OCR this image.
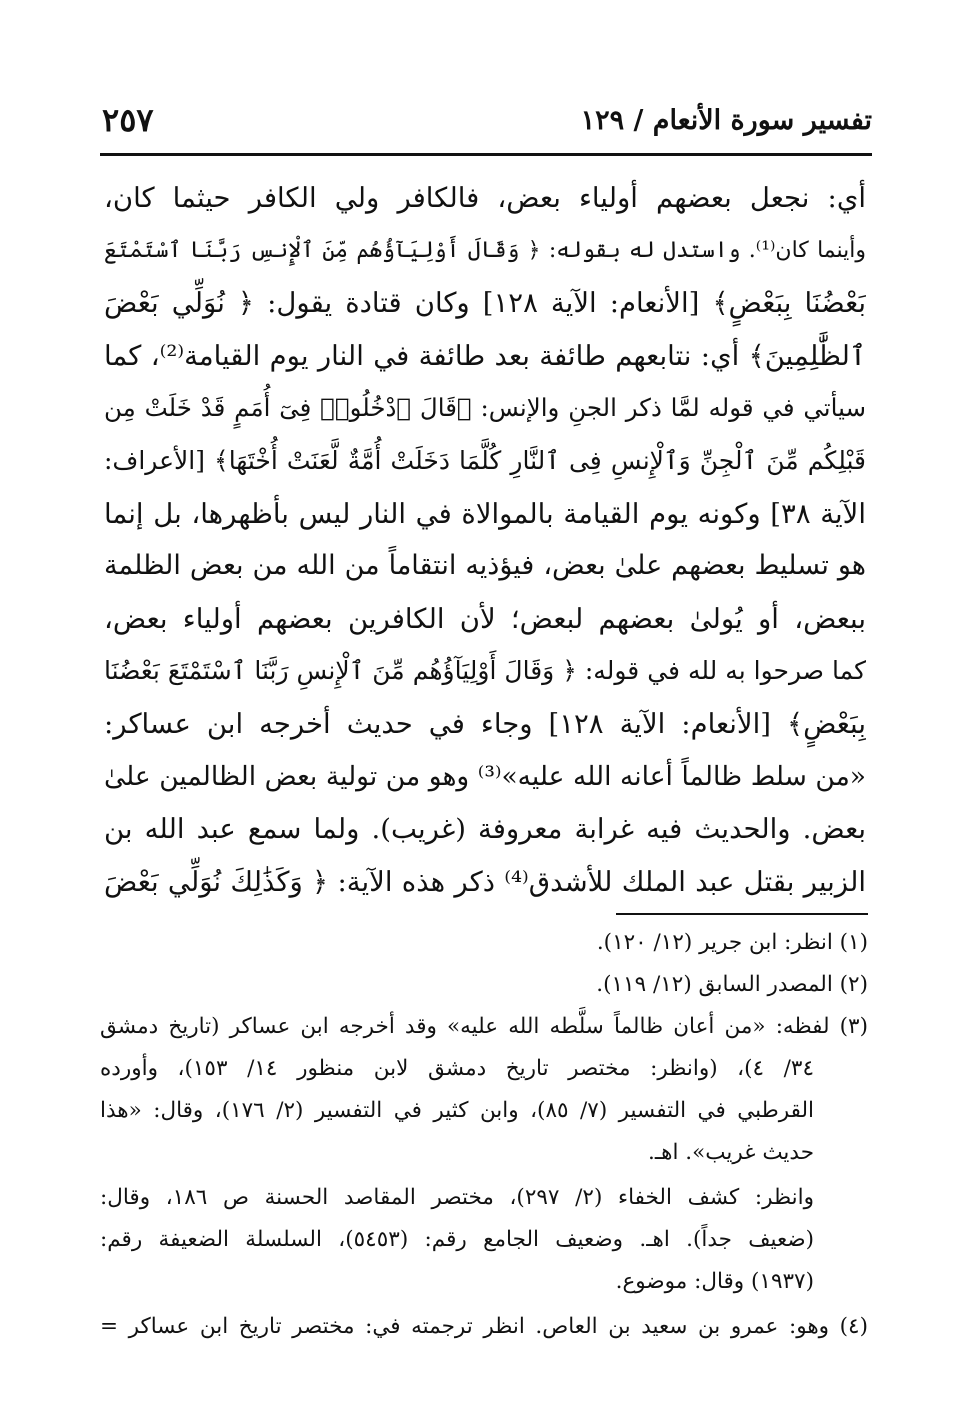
تفسير سورة الأنعام / ١٢٩
٢٥٧
أي: نجعل بعضهم أولياء بعض، فالكافر ولي الكافر حيثما كان،
وأينما كان⁽¹⁾. واستدل له بقوله: ﴿ وَقَالَ أَوْلِيَآؤُهُم مِّنَ ٱلْإِنسِ رَبَّنَا ٱسْتَمْتَعَ
بَعْضُنَا بِبَعْضٍ﴾ [الأنعام: الآية ١٢٨] وكان قتادة يقول: ﴿ نُوَلِّي بَعْضَ
ٱلظَّٰلِمِينَ﴾ أي: نتابعهم طائفة بعد طائفة في النار يوم القيامة⁽²⁾، كما
سيأتي في قوله لمَّا ذكر الجنِ والإنس: ﴿قَالَ ٱدْخُلُوا۟ فِىٓ أُمَمٍ قَدْ خَلَتْ مِن
قَبْلِكُم مِّنَ ٱلْجِنِّ وَٱلْإِنسِ فِى ٱلنَّارِ كُلَّمَا دَخَلَتْ أُمَّةٌ لَّعَنَتْ أُخْتَهَا﴾ [الأعراف:
الآية ٣٨] وكونه يوم القيامة بالموالاة في النار ليس بأظهرها، بل إنما
هو تسليط بعضهم علىٰ بعض، فيؤذيه انتقاماً من الله من بعض الظلمة
ببعض، أو يُولىٰ بعضهم لبعض؛ لأن الكافرين بعضهم أولياء بعض،
كما صرحوا به لله في قوله: ﴿ وَقَالَ أَوْلِيَآؤُهُم مِّنَ ٱلْإِنسِ رَبَّنَا ٱسْتَمْتَعَ بَعْضُنَا
بِبَعْضٍ﴾ [الأنعام: الآية ١٢٨] وجاء في حديث أخرجه ابن عساكر:
«من سلط ظالماً أعانه الله عليه»⁽³⁾ وهو من تولية بعض الظالمين علىٰ
بعض. والحديث فيه غرابة معروفة (غريب). ولما سمع عبد الله بن
الزبير بقتل عبد الملك للأشدق⁽⁴⁾ ذكر هذه الآية: ﴿ وَكَذَٰلِكَ نُوَلِّي بَعْضَ
(١) انظر: ابن جرير (١٢/ ١٢٠).
(٢) المصدر السابق (١٢/ ١١٩).
(٣) لفظه: «من أعان ظالماً سلَّطه الله عليه» وقد أخرجه ابن عساكر (تاريخ دمشق
٣٤/ ٤)، (وانظر: مختصر تاريخ دمشق لابن منظور ١٤/ ١٥٣)، وأورده
القرطبي في التفسير (٧/ ٨٥)، وابن كثير في التفسير (٢/ ١٧٦)، وقال: «هذا
حديث غريب». اهـ.
وانظر: كشف الخفاء (٢/ ٢٩٧)، مختصر المقاصد الحسنة ص ١٨٦، وقال:
(ضعيف جداً). اهـ. وضعيف الجامع رقم: (٥٤٥٣)، السلسلة الضعيفة رقم:
(١٩٣٧) وقال: موضوع.
(٤) وهو: عمرو بن سعيد بن العاص. انظر ترجمته في: مختصر تاريخ ابن عساكر =
